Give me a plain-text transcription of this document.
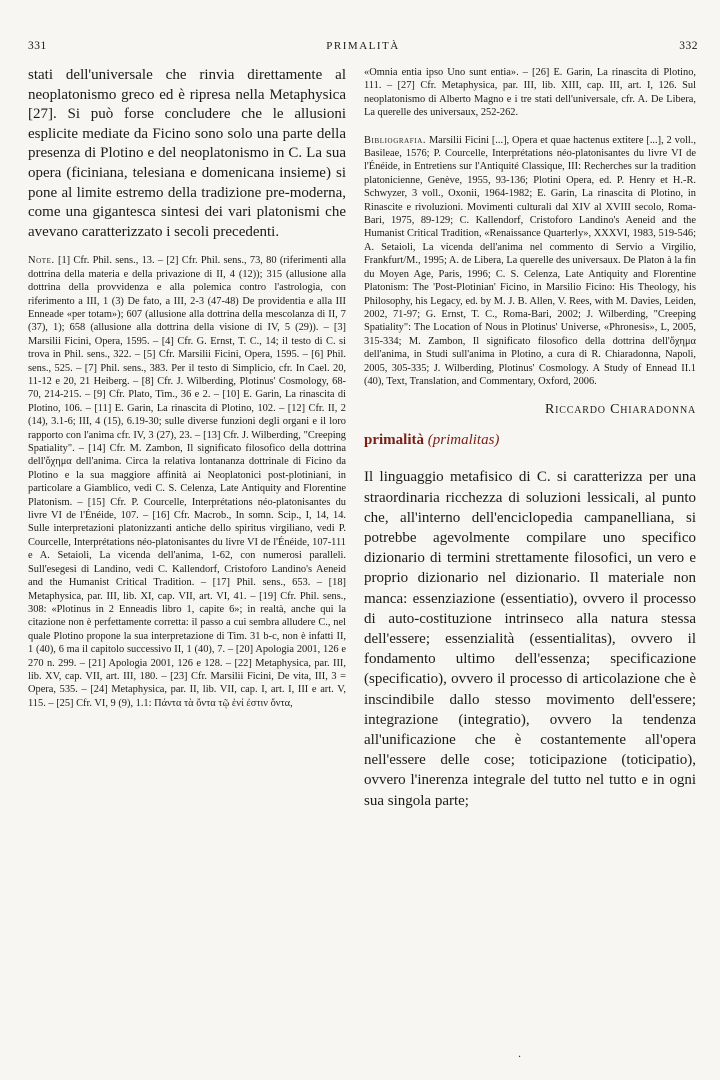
331	PRIMALITÀ	332

stati dell'universale che rinvia direttamente al neoplatonismo greco ed è ripresa nella Metaphysica [27]. Si può forse concludere che le allusioni esplicite mediate da Ficino sono solo una parte della presenza di Plotino e del neoplatonismo in C. La sua opera (ficiniana, telesiana e domenicana insieme) si pone al limite estremo della tradizione pre-moderna, come una gigantesca sintesi dei vari platonismi che avevano caratterizzato i secoli precedenti.

Note. [1] Cfr. Phil. sens., 13. – [2] Cfr. Phil. sens., 73, 80 (riferimenti alla dottrina della materia e della privazione di II, 4 (12)); 315 (allusione alla dottrina della provvidenza e alla polemica contro l'astrologia, con riferimento a III, 1 (3) De fato, a III, 2-3 (47-48) De providentia e alla III Enneade «per totam»); 607 (allusione alla dottrina della mescolanza di II, 7 (37), 1); 658 (allusione alla dottrina della visione di IV, 5 (29)). – [3] Marsilii Ficini, Opera, 1595. – [4] Cfr. G. Ernst, T. C., 14; il testo di C. si trova in Phil. sens., 322. – [5] Cfr. Marsilii Ficini, Opera, 1595. – [6] Phil. sens., 525. – [7] Phil. sens., 383. Per il testo di Simplicio, cfr. In Cael. 20, 11-12 e 20, 21 Heiberg. – [8] Cfr. J. Wilberding, Plotinus' Cosmology, 68-70, 214-215. – [9] Cfr. Plato, Tim., 36 e 2. – [10] E. Garin, La rinascita di Plotino, 106. – [11] E. Garin, La rinascita di Plotino, 102. – [12] Cfr. II, 2 (14), 3.1-6; III, 4 (15), 6.19-30; sulle diverse funzioni degli organi e il loro rapporto con l'anima cfr. IV, 3 (27), 23. – [13] Cfr. J. Wilberding, "Creeping Spatiality". – [14] Cfr. M. Zambon, Il significato filosofico della dottrina dell'ὄχημα dell'anima. Circa la relativa lontananza dottrinale di Ficino da Plotino e la sua maggiore affinità ai Neoplatonici post-plotiniani, in particolare a Giamblico, vedi C. S. Celenza, Late Antiquity and Florentine Platonism. – [15] Cfr. P. Courcelle, Interprétations néo-platonisantes du livre VI de l'Énéide, 107. – [16] Cfr. Macrob., In somn. Scip., I, 14, 14. Sulle interpretazioni platonizzanti antiche dello spiritus virgiliano, vedi P. Courcelle, Interprétations néo-platonisantes du livre VI de l'Énéide, 107-111 e A. Setaioli, La vicenda dell'anima, 1-62, con numerosi paralleli. Sull'esegesi di Landino, vedi C. Kallendorf, Cristoforo Landino's Aeneid and the Humanist Critical Tradition. – [17] Phil. sens., 653. – [18] Metaphysica, par. III, lib. XI, cap. VII, art. VI, 41. – [19] Cfr. Phil. sens., 308: «Plotinus in 2 Enneadis libro 1, capite 6»; in realtà, anche qui la citazione non è perfettamente corretta: il passo a cui sembra alludere C., nel quale Plotino propone la sua interpretazione di Tim. 31 b-c, non è infatti II, 1 (40), 6 ma il capitolo successivo II, 1 (40), 7. – [20] Apologia 2001, 126 e 270 n. 299. – [21] Apologia 2001, 126 e 128. – [22] Metaphysica, par. III, lib. XV, cap. VII, art. III, 180. – [23] Cfr. Marsilii Ficini, De vita, III, 3 = Opera, 535. – [24] Metaphysica, par. II, lib. VII, cap. I, art. I, III e art. V, 115. – [25] Cfr. VI, 9 (9), 1.1: Πάντα τὰ ὄντα τῷ ἑνί ἐστιν ὄντα,

«Omnia entia ipso Uno sunt entia». – [26] E. Garin, La rinascita di Plotino, 111. – [27] Cfr. Metaphysica, par. III, lib. XIII, cap. III, art. I, 126. Sul neoplatonismo di Alberto Magno e i tre stati dell'universale, cfr. A. De Libera, La querelle des universaux, 252-262.

Bibliografia. Marsilii Ficini [...], Opera et quae hactenus extitere [...], 2 voll., Basileae, 1576; P. Courcelle, Interprétations néo-platonisantes du livre VI de l'Énéide, in Entretiens sur l'Antiquité Classique, III: Recherches sur la tradition platonicienne, Genève, 1955, 93-136; Plotini Opera, ed. P. Henry et H.-R. Schwyzer, 3 voll., Oxonii, 1964-1982; E. Garin, La rinascita di Plotino, in Rinascite e rivoluzioni. Movimenti culturali dal XIV al XVIII secolo, Roma-Bari, 1975, 89-129; C. Kallendorf, Cristoforo Landino's Aeneid and the Humanist Critical Tradition, «Renaissance Quarterly», XXXVI, 1983, 519-546; A. Setaioli, La vicenda dell'anima nel commento di Servio a Virgilio, Frankfurt/M., 1995; A. de Libera, La querelle des universaux. De Platon à la fin du Moyen Age, Paris, 1996; C. S. Celenza, Late Antiquity and Florentine Platonism: The 'Post-Plotinian' Ficino, in Marsilio Ficino: His Theology, his Philosophy, his Legacy, ed. by M. J. B. Allen, V. Rees, with M. Davies, Leiden, 2002, 71-97; G. Ernst, T. C., Roma-Bari, 2002; J. Wilberding, "Creeping Spatiality": The Location of Nous in Plotinus' Universe, «Phronesis», L, 2005, 315-334; M. Zambon, Il significato filosofico della dottrina dell'ὄχημα dell'anima, in Studi sull'anima in Plotino, a cura di R. Chiaradonna, Napoli, 2005, 305-335; J. Wilberding, Plotinus' Cosmology. A Study of Ennead II.1 (40), Text, Translation, and Commentary, Oxford, 2006.

Riccardo Chiaradonna
primalità (primalitas)

Il linguaggio metafisico di C. si caratterizza per una straordinaria ricchezza di soluzioni lessicali, al punto che, all'interno dell'enciclopedia campanelliana, si potrebbe agevolmente compilare uno specifico dizionario di termini strettamente filosofici, un vero e proprio dizionario nel dizionario. Il materiale non manca: essenziazione (essentiatio), ovvero il processo di auto-costituzione intrinseco alla natura stessa dell'essere; essenzialità (essentialitas), ovvero il fondamento ultimo dell'essenza; specificazione (specificatio), ovvero il processo di articolazione che è inscindibile dallo stesso movimento dell'essere; integrazione (integratio), ovvero la tendenza all'unificazione che è costantemente all'opera nell'essere delle cose; toticipazione (toticipatio), ovvero l'inerenza integrale del tutto nel tutto e in ogni sua singola parte;

·
